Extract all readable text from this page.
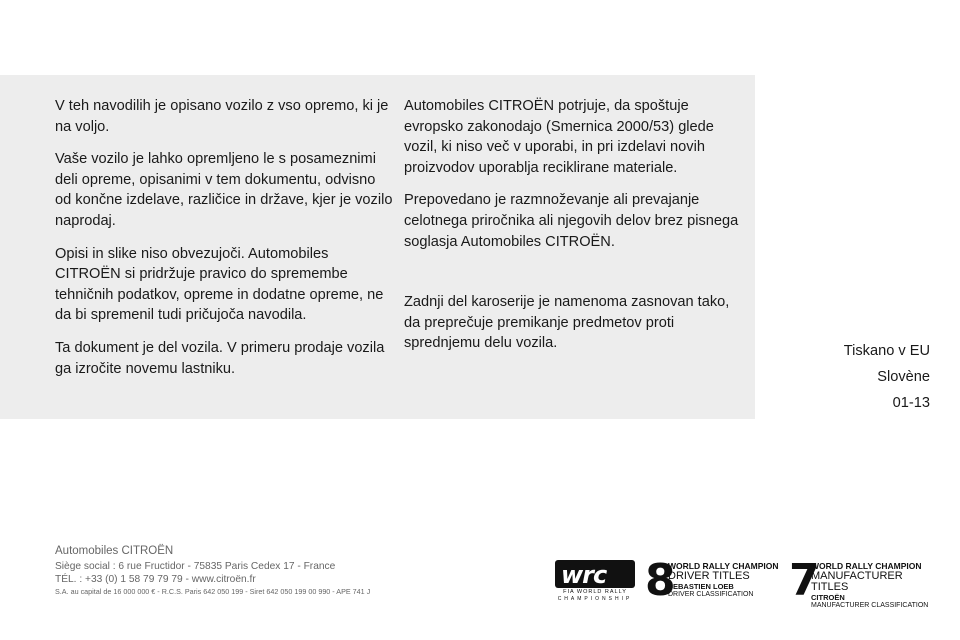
V teh navodilih je opisano vozilo z vso opremo, ki je na voljo.

Vaše vozilo je lahko opremljeno le s posameznimi deli opreme, opisanimi v tem dokumentu, odvisno od končne izdelave, različice in države, kjer je vozilo naprodaj.

Opisi in slike niso obvezujoči. Automobiles CITROËN si pridržuje pravico do spremembe tehničnih podatkov, opreme in dodatne opreme, ne da bi spremenil tudi pričujoča navodila.

Ta dokument je del vozila. V primeru prodaje vozila ga izročite novemu lastniku.

Automobiles CITROËN potrjuje, da spoštuje evropsko zakonodajo (Smernica 2000/53) glede vozil, ki niso več v uporabi, in pri izdelavi novih proizvodov uporablja reciklirane materiale.

Prepovedano je razmnoževanje ali prevajanje celotnega priročnika ali njegovih delov brez pisnega soglasja Automobiles CITROËN.

Zadnji del karoserije je namenoma zasnovan tako, da preprečuje premikanje predmetov proti sprednjemu delu vozila.	Tiskano v EU
Slovène
01-13
Automobiles CITROËN
Siège social : 6 rue Fructidor - 75835 Paris Cedex 17 - France
TÉL. : +33 (0) 1 58 79 79 79 - www.citroën.fr
S.A. au capital de 16 000 000 € - R.C.S. Paris 642 050 199 - Siret 642 050 199 00 990 - APE 741 J
wrc
FIA WORLD RALLY
CHAMPIONSHIP 8
WORLD RALLY CHAMPION
DRIVER TITLES
SEBASTIEN LOEB
DRIVER CLASSIFICATION 7
WORLD RALLY CHAMPION
MANUFACTURER TITLES
CITROËN
MANUFACTURER CLASSIFICATION
